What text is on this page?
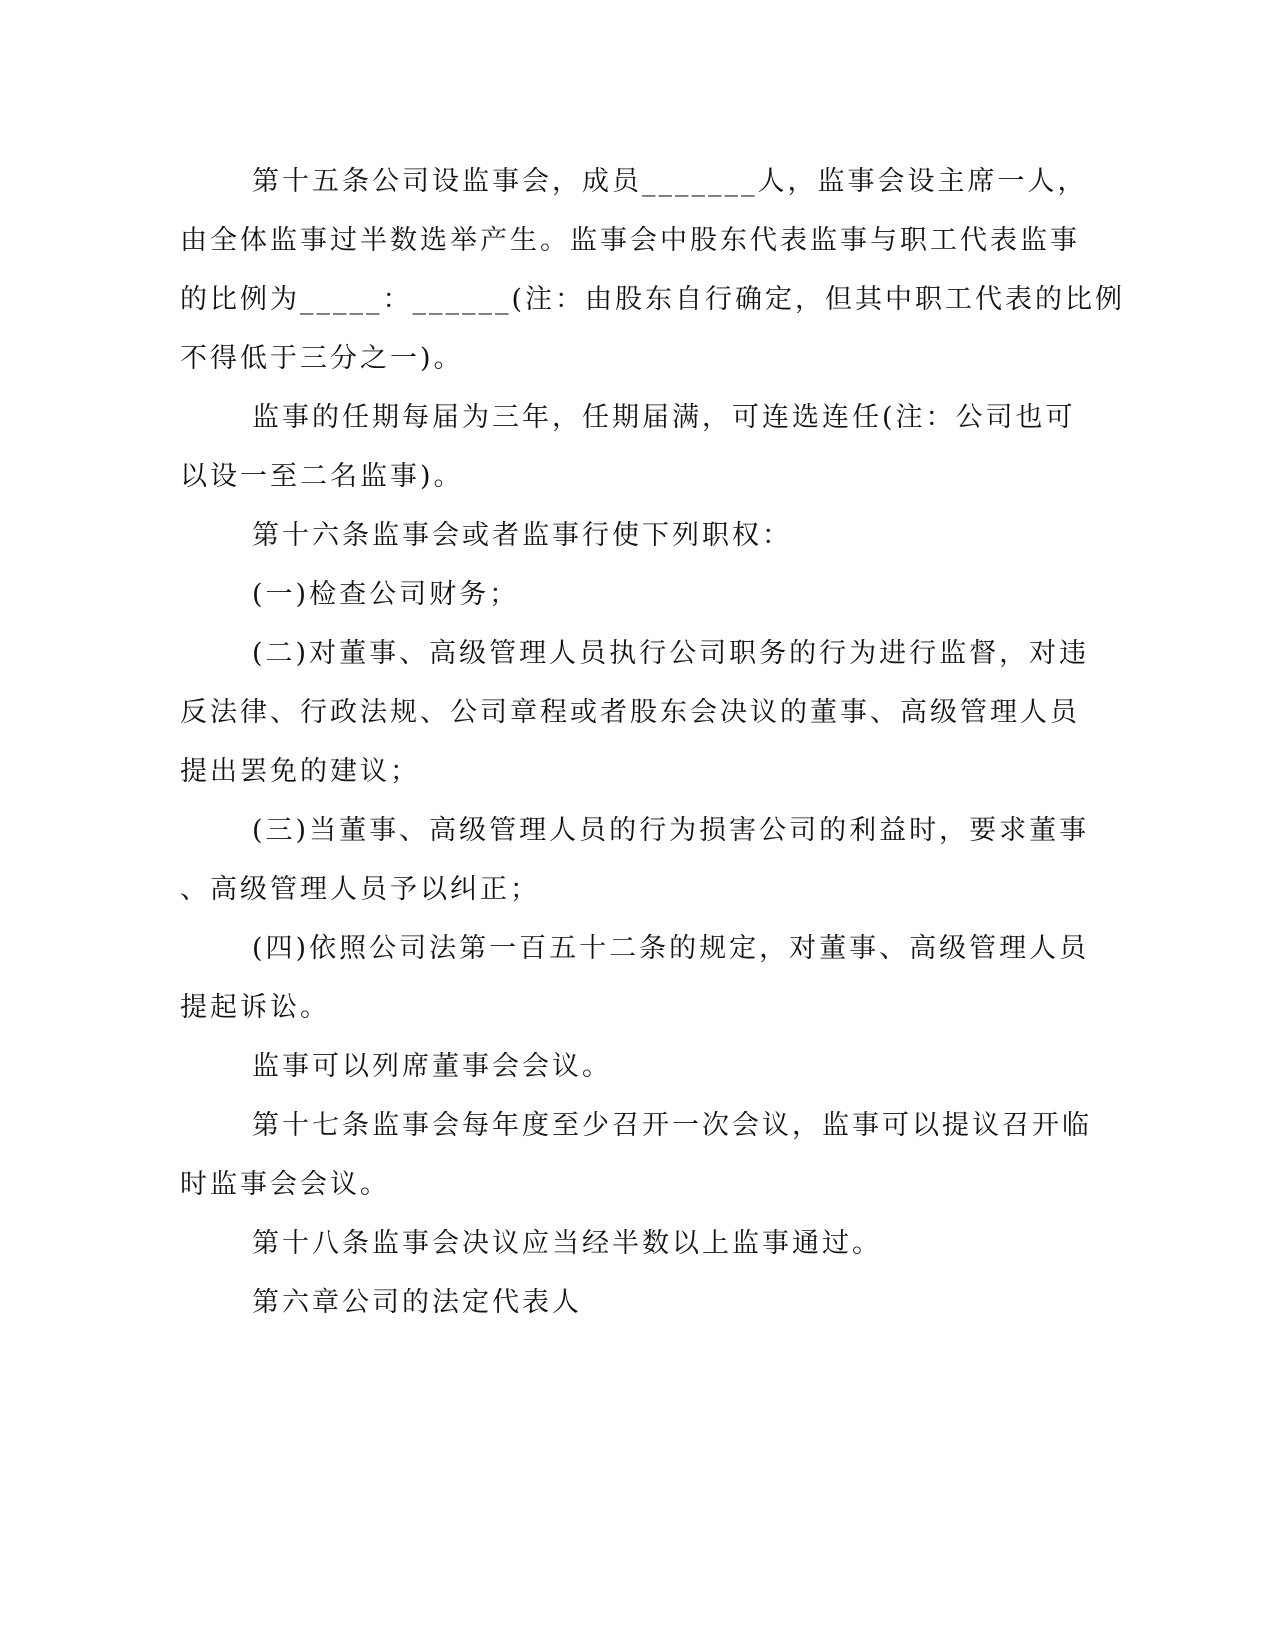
第十五条公司设监事会，成员_______人，监事会设主席一人，
由全体监事过半数选举产生。监事会中股东代表监事与职工代表监事
的比例为_____：______(注：由股东自行确定，但其中职工代表的比例
不得低于三分之一)。
监事的任期每届为三年，任期届满，可连选连任(注：公司也可
以设一至二名监事)。
第十六条监事会或者监事行使下列职权：
(一)检查公司财务；
(二)对董事、高级管理人员执行公司职务的行为进行监督，对违
反法律、行政法规、公司章程或者股东会决议的董事、高级管理人员
提出罢免的建议；
(三)当董事、高级管理人员的行为损害公司的利益时，要求董事
、高级管理人员予以纠正；
(四)依照公司法第一百五十二条的规定，对董事、高级管理人员
提起诉讼。
监事可以列席董事会会议。
第十七条监事会每年度至少召开一次会议，监事可以提议召开临
时监事会会议。
第十八条监事会决议应当经半数以上监事通过。
第六章公司的法定代表人
